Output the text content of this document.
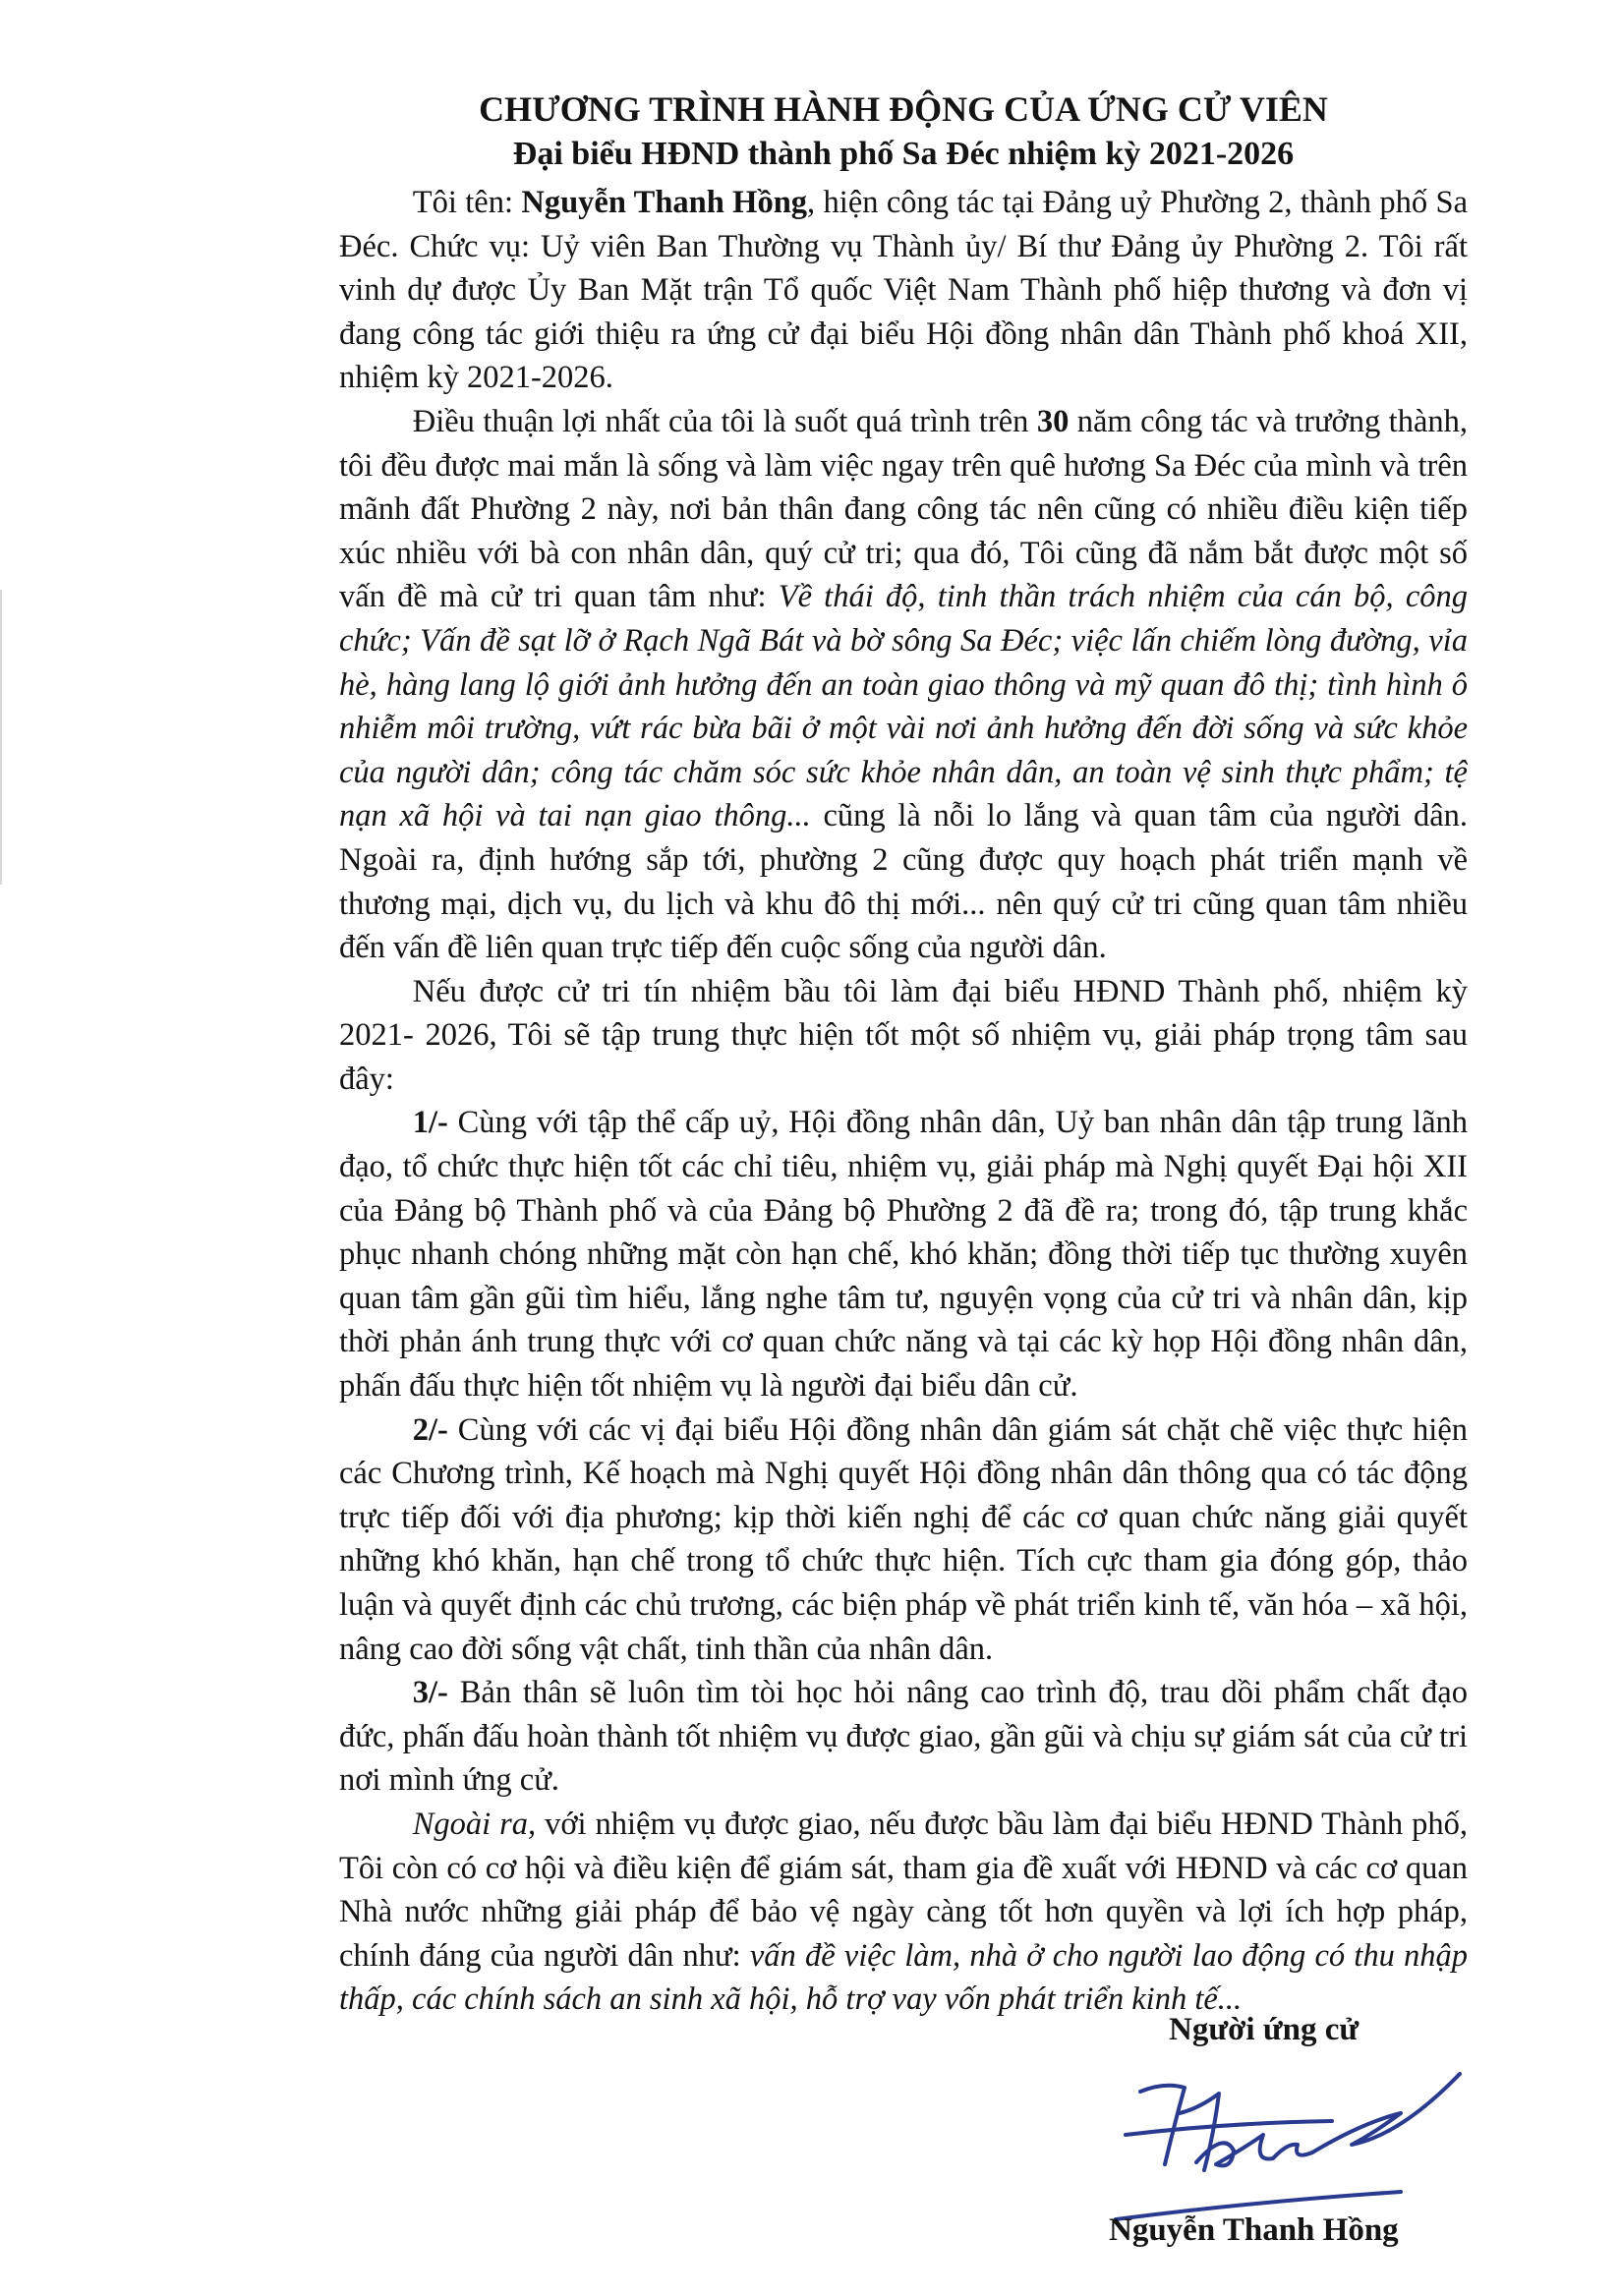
CHƯƠNG TRÌNH HÀNH ĐỘNG CỦA ỨNG CỬ VIÊN
Đại biểu HĐND thành phố Sa Đéc nhiệm kỳ 2021-2026

Tôi tên: Nguyễn Thanh Hồng, hiện công tác tại Đảng uỷ Phường 2, thành phố Sa Đéc. Chức vụ: Uỷ viên Ban Thường vụ Thành ủy/ Bí thư Đảng ủy Phường 2. Tôi rất vinh dự được Ủy Ban Mặt trận Tổ quốc Việt Nam Thành phố hiệp thương và đơn vị đang công tác giới thiệu ra ứng cử đại biểu Hội đồng nhân dân Thành phố khoá XII, nhiệm kỳ 2021-2026.

Điều thuận lợi nhất của tôi là suốt quá trình trên 30 năm công tác và trưởng thành, tôi đều được mai mắn là sống và làm việc ngay trên quê hương Sa Đéc của mình và trên mãnh đất Phường 2 này, nơi bản thân đang công tác nên cũng có nhiều điều kiện tiếp xúc nhiều với bà con nhân dân, quý cử tri; qua đó, Tôi cũng đã nắm bắt được một số vấn đề mà cử tri quan tâm như: Về thái độ, tinh thần trách nhiệm của cán bộ, công chức; Vấn đề sạt lỡ ở Rạch Ngã Bát và bờ sông Sa Đéc; việc lấn chiếm lòng đường, vỉa hè, hàng lang lộ giới ảnh hưởng đến an toàn giao thông và mỹ quan đô thị; tình hình ô nhiễm môi trường, vứt rác bừa bãi ở một vài nơi ảnh hưởng đến đời sống và sức khỏe của người dân; công tác chăm sóc sức khỏe nhân dân, an toàn vệ sinh thực phẩm; tệ nạn xã hội và tai nạn giao thông... cũng là nỗi lo lắng và quan tâm của người dân. Ngoài ra, định hướng sắp tới, phường 2 cũng được quy hoạch phát triển mạnh về thương mại, dịch vụ, du lịch và khu đô thị mới... nên quý cử tri cũng quan tâm nhiều đến vấn đề liên quan trực tiếp đến cuộc sống của người dân.

Nếu được cử tri tín nhiệm bầu tôi làm đại biểu HĐND Thành phố, nhiệm kỳ 2021- 2026, Tôi sẽ tập trung thực hiện tốt một số nhiệm vụ, giải pháp trọng tâm sau đây:

1/- Cùng với tập thể cấp uỷ, Hội đồng nhân dân, Uỷ ban nhân dân tập trung lãnh đạo, tổ chức thực hiện tốt các chỉ tiêu, nhiệm vụ, giải pháp mà Nghị quyết Đại hội XII của Đảng bộ Thành phố và của Đảng bộ Phường 2 đã đề ra; trong đó, tập trung khắc phục nhanh chóng những mặt còn hạn chế, khó khăn; đồng thời tiếp tục thường xuyên quan tâm gần gũi tìm hiểu, lắng nghe tâm tư, nguyện vọng của cử tri và nhân dân, kịp thời phản ánh trung thực với cơ quan chức năng và tại các kỳ họp Hội đồng nhân dân, phấn đấu thực hiện tốt nhiệm vụ là người đại biểu dân cử.

2/- Cùng với các vị đại biểu Hội đồng nhân dân giám sát chặt chẽ việc thực hiện các Chương trình, Kế hoạch mà Nghị quyết Hội đồng nhân dân thông qua có tác động trực tiếp đối với địa phương; kịp thời kiến nghị để các cơ quan chức năng giải quyết những khó khăn, hạn chế trong tổ chức thực hiện. Tích cực tham gia đóng góp, thảo luận và quyết định các chủ trương, các biện pháp về phát triển kinh tế, văn hóa – xã hội, nâng cao đời sống vật chất, tinh thần của nhân dân.

3/- Bản thân sẽ luôn tìm tòi học hỏi nâng cao trình độ, trau dồi phẩm chất đạo đức, phấn đấu hoàn thành tốt nhiệm vụ được giao, gần gũi và chịu sự giám sát của cử tri nơi mình ứng cử.

Ngoài ra, với nhiệm vụ được giao, nếu được bầu làm đại biểu HĐND Thành phố, Tôi còn có cơ hội và điều kiện để giám sát, tham gia đề xuất với HĐND và các cơ quan Nhà nước những giải pháp để bảo vệ ngày càng tốt hơn quyền và lợi ích hợp pháp, chính đáng của người dân như: vấn đề việc làm, nhà ở cho người lao động có thu nhập thấp, các chính sách an sinh xã hội, hỗ trợ vay vốn phát triển kinh tế...

Người ứng cử
Nguyễn Thanh Hồng
